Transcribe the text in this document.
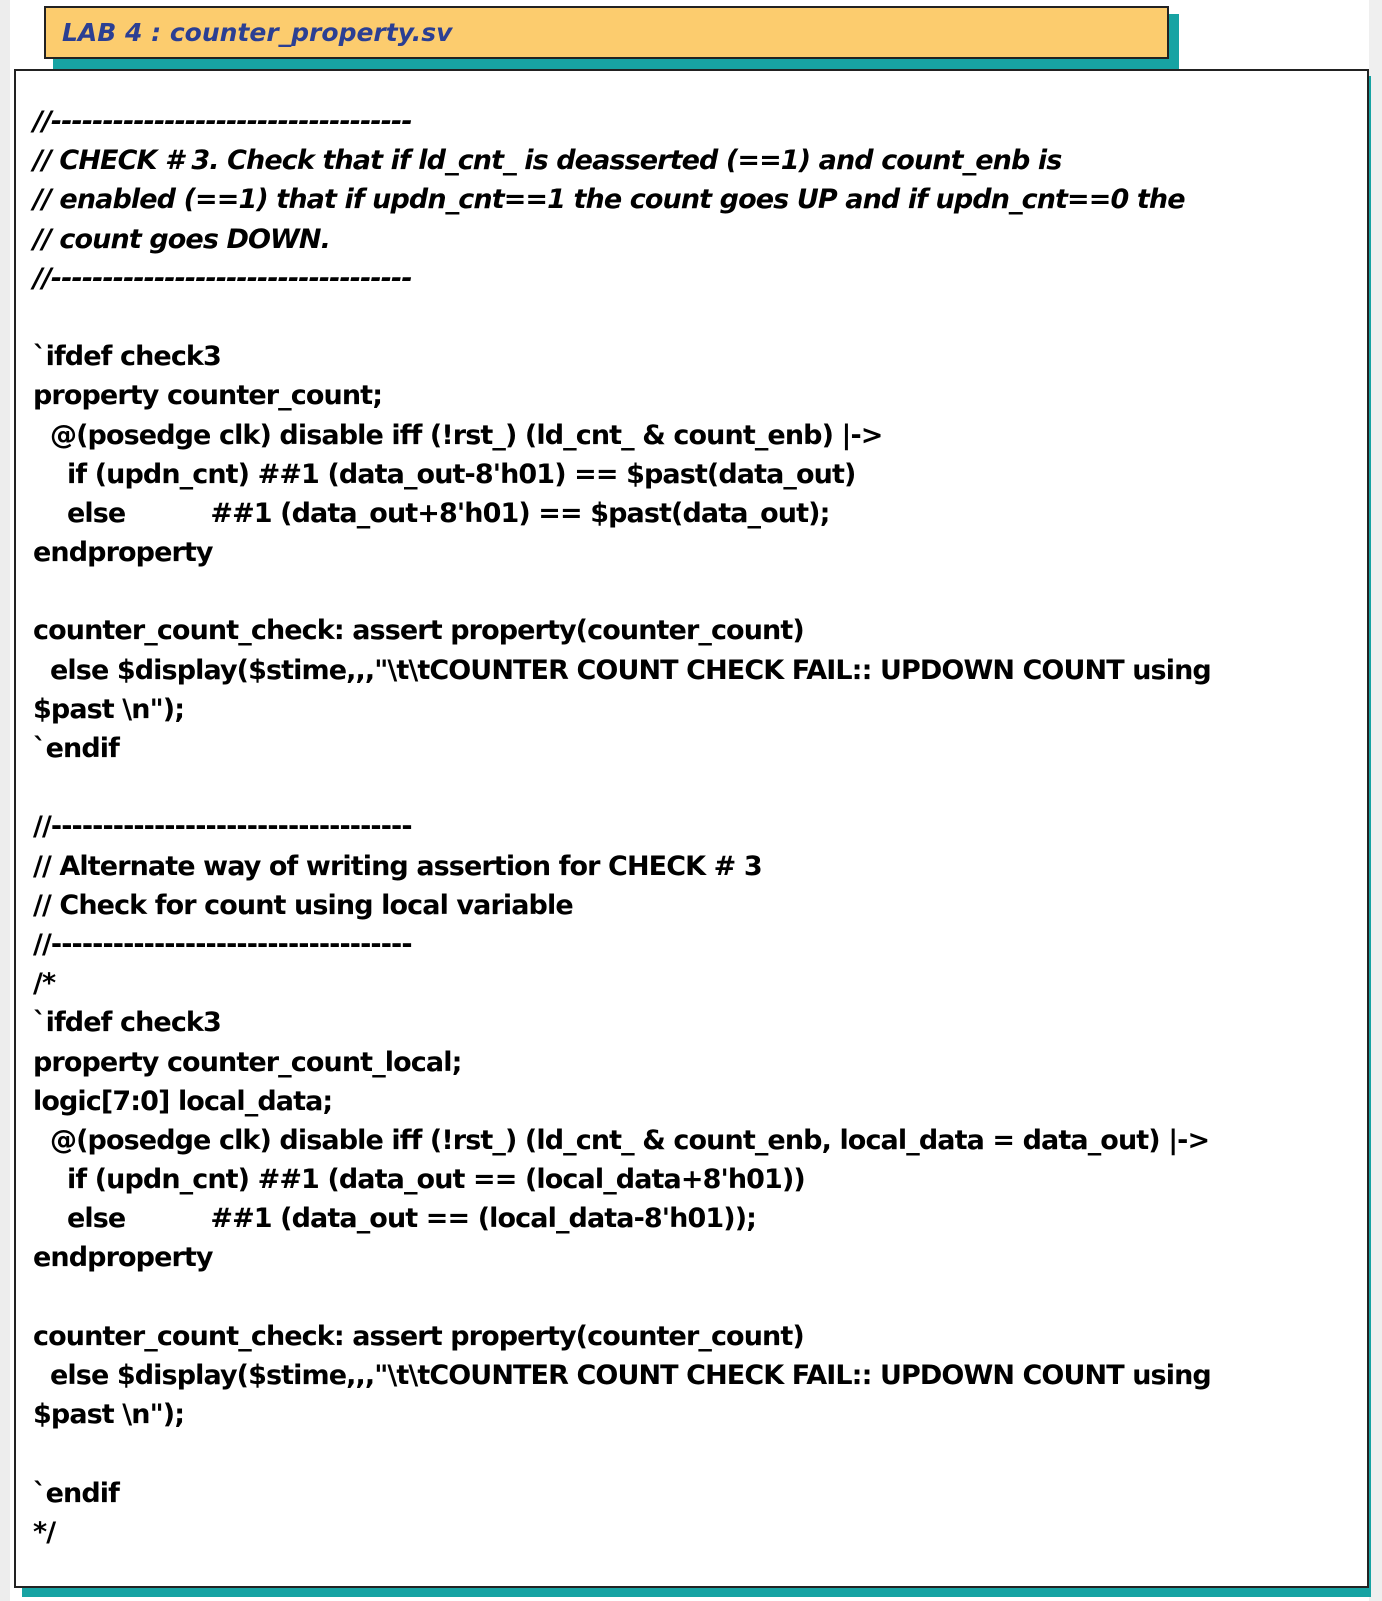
LAB 4 : counter_property.sv
//-----------------------------------
// CHECK # 3. Check that if ld_cnt_ is deasserted (==1) and count_enb is
// enabled (==1) that if updn_cnt==1 the count goes UP and if updn_cnt==0 the
// count goes DOWN.
//-----------------------------------
`ifdef check3
property counter_count;
@(posedge clk) disable iff (!rst_) (ld_cnt_ & count_enb) |->
if (updn_cnt) ##1 (data_out-8'h01) == $past(data_out)
else          ##1 (data_out+8'h01) == $past(data_out);
endproperty
counter_count_check: assert property(counter_count)
else $display($stime,,,"\t\tCOUNTER COUNT CHECK FAIL:: UPDOWN COUNT using
$past \n");
`endif
//-----------------------------------
// Alternate way of writing assertion for CHECK # 3
// Check for count using local variable
//-----------------------------------
/*
`ifdef check3
property counter_count_local;
logic[7:0] local_data;
@(posedge clk) disable iff (!rst_) (ld_cnt_ & count_enb, local_data = data_out) |->
if (updn_cnt) ##1 (data_out == (local_data+8'h01))
else          ##1 (data_out == (local_data-8'h01));
endproperty
counter_count_check: assert property(counter_count)
else $display($stime,,,"\t\tCOUNTER COUNT CHECK FAIL:: UPDOWN COUNT using
$past \n");
`endif
*/
